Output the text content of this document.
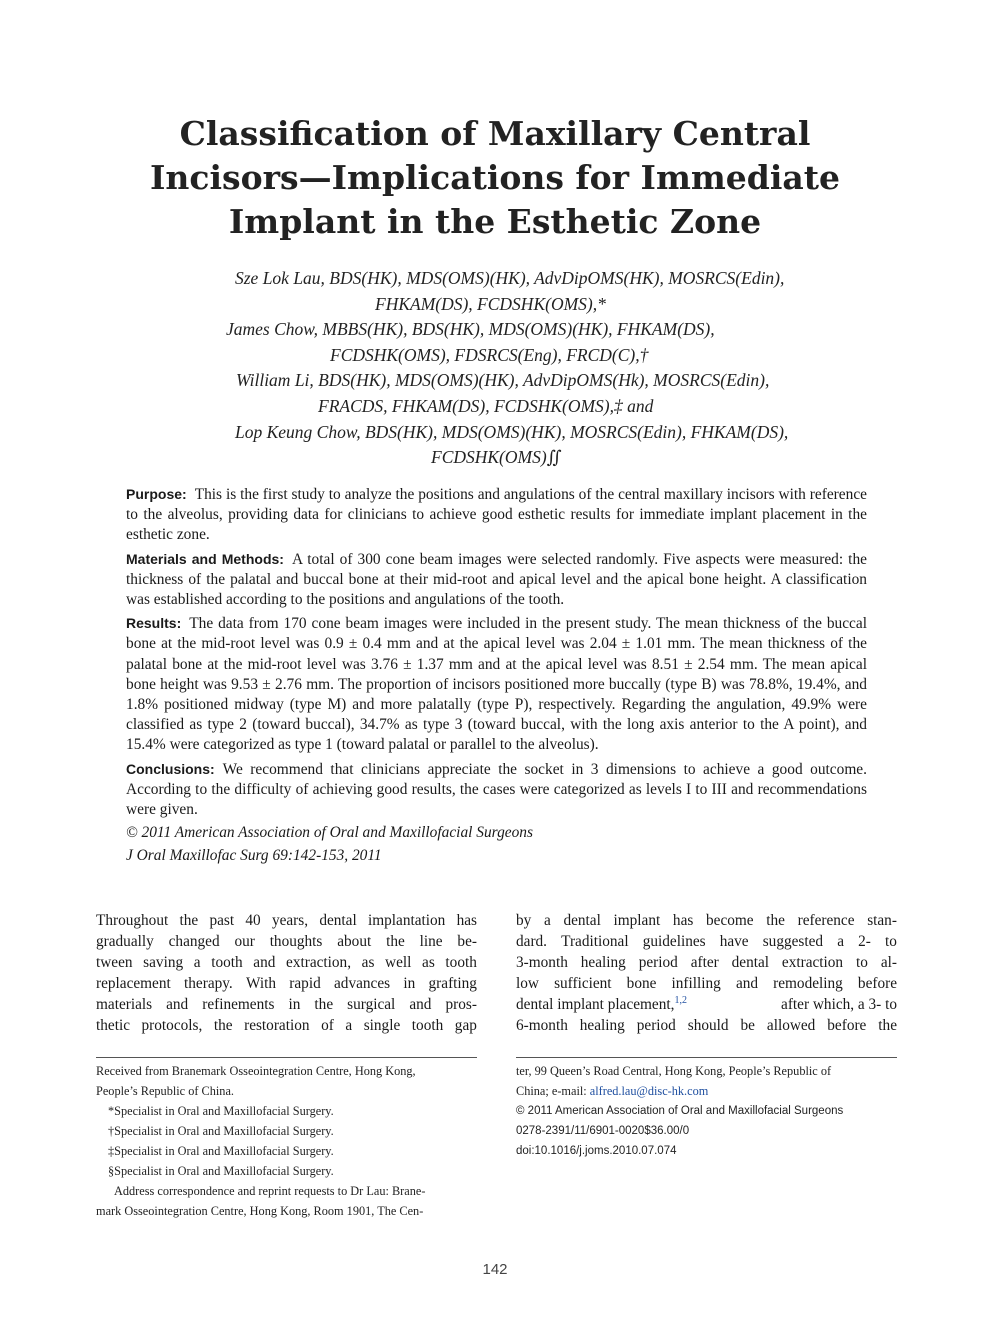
Classification of Maxillary Central
Incisors—Implications for Immediate
Implant in the Esthetic Zone
Sze Lok Lau, BDS(HK), MDS(OMS)(HK), AdvDipOMS(HK), MOSRCS(Edin),
FHKAM(DS), FCDSHK(OMS),*
James Chow, MBBS(HK), BDS(HK), MDS(OMS)(HK), FHKAM(DS),
FCDSHK(OMS), FDSRCS(Eng), FRCD(C),†
William Li, BDS(HK), MDS(OMS)(HK), AdvDipOMS(Hk), MOSRCS(Edin),
FRACDS, FHKAM(DS), FCDSHK(OMS),‡ and
Lop Keung Chow, BDS(HK), MDS(OMS)(HK), MOSRCS(Edin), FHKAM(DS),
FCDSHK(OMS)∬

Purpose: This is the first study to analyze the positions and angulations of the central maxillary incisors with reference to the alveolus, providing data for clinicians to achieve good esthetic results for immediate implant placement in the esthetic zone.

Materials and Methods: A total of 300 cone beam images were selected randomly. Five aspects were measured: the thickness of the palatal and buccal bone at their mid-root and apical level and the apical bone height. A classification was established according to the positions and angulations of the tooth.

Results: The data from 170 cone beam images were included in the present study. The mean thickness of the buccal bone at the mid-root level was 0.9 ± 0.4 mm and at the apical level was 2.04 ± 1.01 mm. The mean thickness of the palatal bone at the mid-root level was 3.76 ± 1.37 mm and at the apical level was 8.51 ± 2.54 mm. The mean apical bone height was 9.53 ± 2.76 mm. The proportion of incisors positioned more buccally (type B) was 78.8%, 19.4%, and 1.8% positioned midway (type M) and more palatally (type P), respectively. Regarding the angulation, 49.9% were classified as type 2 (toward buccal), 34.7% as type 3 (toward buccal, with the long axis anterior to the A point), and 15.4% were categorized as type 1 (toward palatal or parallel to the alveolus).

Conclusions: We recommend that clinicians appreciate the socket in 3 dimensions to achieve a good outcome. According to the difficulty of achieving good results, the cases were categorized as levels I to III and recommendations were given.

© 2011 American Association of Oral and Maxillofacial Surgeons

J Oral Maxillofac Surg 69:142-153, 2011

Throughout the past 40 years, dental implantation has
gradually changed our thoughts about the line be-
tween saving a tooth and extraction, as well as tooth
replacement therapy. With rapid advances in grafting
materials and refinements in the surgical and pros-
thetic protocols, the restoration of a single tooth gap
by a dental implant has become the reference stan-
dard. Traditional guidelines have suggested a 2- to
3-month healing period after dental extraction to al-
low sufficient bone infilling and remodeling before
dental implant placement,$^{1,2}$	after which, a 3- to
6-month healing period should be allowed before the
Received from Branemark Osseointegration Centre, Hong Kong,
People’s Republic of China.
*Specialist in Oral and Maxillofacial Surgery.
†Specialist in Oral and Maxillofacial Surgery.
‡Specialist in Oral and Maxillofacial Surgery.
§Specialist in Oral and Maxillofacial Surgery.
Address correspondence and reprint requests to Dr Lau: Brane-
mark Osseointegration Centre, Hong Kong, Room 1901, The Cen-
ter, 99 Queen’s Road Central, Hong Kong, People’s Republic of
China; e-mail: alfred.lau@disc-hk.com
© 2011 American Association of Oral and Maxillofacial Surgeons
0278-2391/11/6901-0020$36.00/0
doi:10.1016/j.joms.2010.07.074
142
